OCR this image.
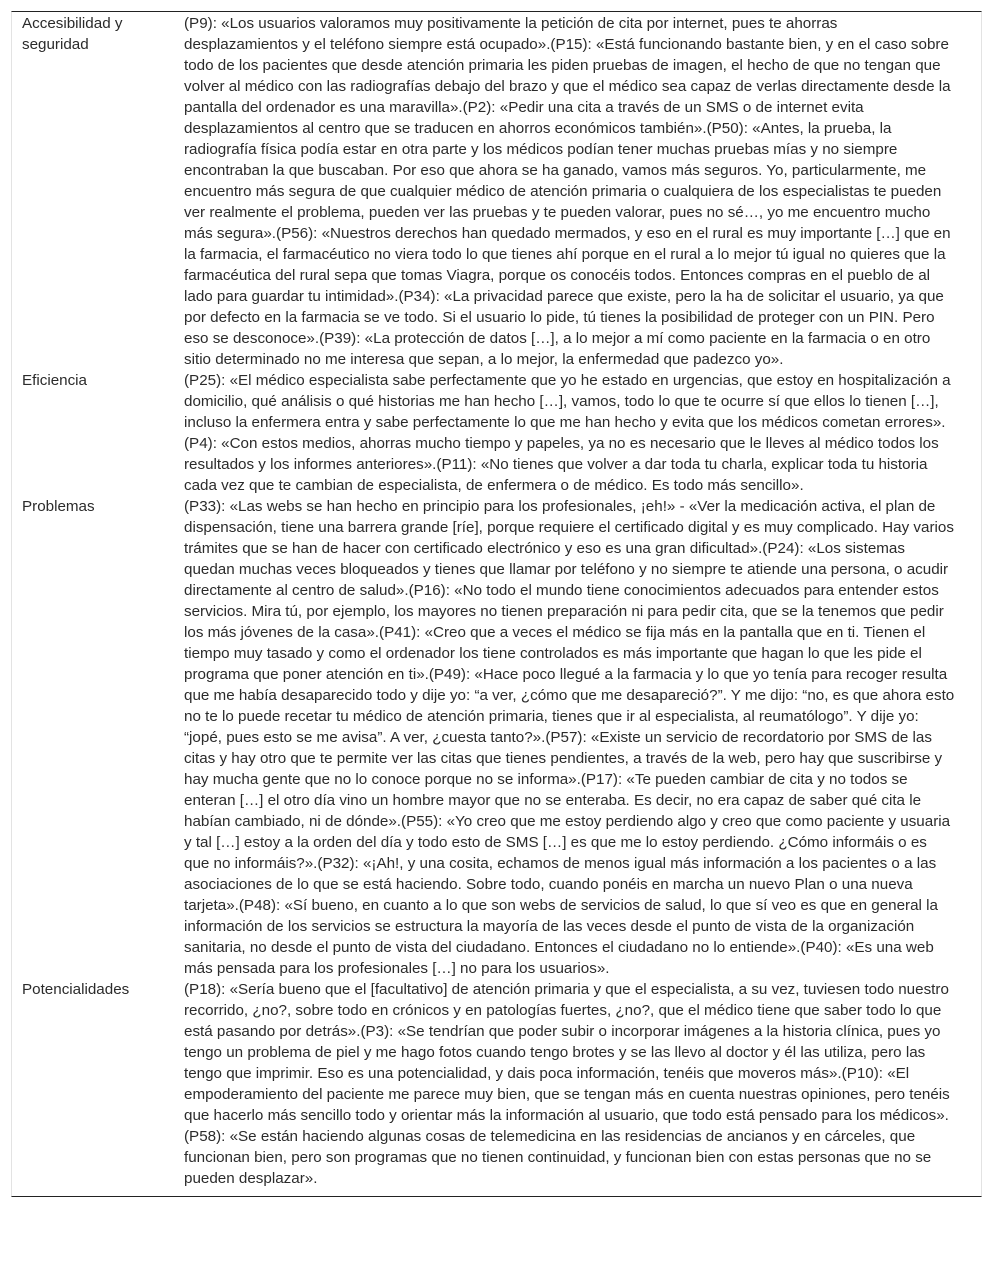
Accesibilidad y seguridad	(P9): «Los usuarios valoramos muy positivamente la petición de cita por internet, pues te ahorras desplazamientos y el teléfono siempre está ocupado».(P15): «Está funcionando bastante bien, y en el caso sobre todo de los pacientes que desde atención primaria les piden pruebas de imagen, el hecho de que no tengan que volver al médico con las radiografías debajo del brazo y que el médico sea capaz de verlas directamente desde la pantalla del ordenador es una maravilla».(P2): «Pedir una cita a través de un SMS o de internet evita desplazamientos al centro que se traducen en ahorros económicos también».(P50): «Antes, la prueba, la radiografía física podía estar en otra parte y los médicos podían tener muchas pruebas mías y no siempre encontraban la que buscaban. Por eso que ahora se ha ganado, vamos más seguros. Yo, particularmente, me encuentro más segura de que cualquier médico de atención primaria o cualquiera de los especialistas te pueden ver realmente el problema, pueden ver las pruebas y te pueden valorar, pues no sé…, yo me encuentro mucho más segura».(P56): «Nuestros derechos han quedado mermados, y eso en el rural es muy importante […] que en la farmacia, el farmacéutico no viera todo lo que tienes ahí porque en el rural a lo mejor tú igual no quieres que la farmacéutica del rural sepa que tomas Viagra, porque os conocéis todos. Entonces compras en el pueblo de al lado para guardar tu intimidad».(P34): «La privacidad parece que existe, pero la ha de solicitar el usuario, ya que por defecto en la farmacia se ve todo. Si el usuario lo pide, tú tienes la posibilidad de proteger con un PIN. Pero eso se desconoce».(P39): «La protección de datos […], a lo mejor a mí como paciente en la farmacia o en otro sitio determinado no me interesa que sepan, a lo mejor, la enfermedad que padezco yo».
Eficiencia	(P25): «El médico especialista sabe perfectamente que yo he estado en urgencias, que estoy en hospitalización a domicilio, qué análisis o qué historias me han hecho […], vamos, todo lo que te ocurre sí que ellos lo tienen […], incluso la enfermera entra y sabe perfectamente lo que me han hecho y evita que los médicos cometan errores».(P4): «Con estos medios, ahorras mucho tiempo y papeles, ya no es necesario que le lleves al médico todos los resultados y los informes anteriores».(P11): «No tienes que volver a dar toda tu charla, explicar toda tu historia cada vez que te cambian de especialista, de enfermera o de médico. Es todo más sencillo».
Problemas	(P33): «Las webs se han hecho en principio para los profesionales, ¡eh!» - «Ver la medicación activa, el plan de dispensación, tiene una barrera grande [ríe], porque requiere el certificado digital y es muy complicado. Hay varios trámites que se han de hacer con certificado electrónico y eso es una gran dificultad».(P24): «Los sistemas quedan muchas veces bloqueados y tienes que llamar por teléfono y no siempre te atiende una persona, o acudir directamente al centro de salud».(P16): «No todo el mundo tiene conocimientos adecuados para entender estos servicios. Mira tú, por ejemplo, los mayores no tienen preparación ni para pedir cita, que se la tenemos que pedir los más jóvenes de la casa».(P41): «Creo que a veces el médico se fija más en la pantalla que en ti. Tienen el tiempo muy tasado y como el ordenador los tiene controlados es más importante que hagan lo que les pide el programa que poner atención en ti».(P49): «Hace poco llegué a la farmacia y lo que yo tenía para recoger resulta que me había desaparecido todo y dije yo: “a ver, ¿cómo que me desapareció?”. Y me dijo: “no, es que ahora esto no te lo puede recetar tu médico de atención primaria, tienes que ir al especialista, al reumatólogo”. Y dije yo: “jopé, pues esto se me avisa”. A ver, ¿cuesta tanto?».(P57): «Existe un servicio de recordatorio por SMS de las citas y hay otro que te permite ver las citas que tienes pendientes, a través de la web, pero hay que suscribirse y hay mucha gente que no lo conoce porque no se informa».(P17): «Te pueden cambiar de cita y no todos se enteran […] el otro día vino un hombre mayor que no se enteraba. Es decir, no era capaz de saber qué cita le habían cambiado, ni de dónde».(P55): «Yo creo que me estoy perdiendo algo y creo que como paciente y usuaria y tal […] estoy a la orden del día y todo esto de SMS […] es que me lo estoy perdiendo. ¿Cómo informáis o es que no informáis?».(P32): «¡Ah!, y una cosita, echamos de menos igual más información a los pacientes o a las asociaciones de lo que se está haciendo. Sobre todo, cuando ponéis en marcha un nuevo Plan o una nueva tarjeta».(P48): «Sí bueno, en cuanto a lo que son webs de servicios de salud, lo que sí veo es que en general la información de los servicios se estructura la mayoría de las veces desde el punto de vista de la organización sanitaria, no desde el punto de vista del ciudadano. Entonces el ciudadano no lo entiende».(P40): «Es una web más pensada para los profesionales […] no para los usuarios».
Potencialidades	(P18): «Sería bueno que el [facultativo] de atención primaria y que el especialista, a su vez, tuviesen todo nuestro recorrido, ¿no?, sobre todo en crónicos y en patologías fuertes, ¿no?, que el médico tiene que saber todo lo que está pasando por detrás».(P3): «Se tendrían que poder subir o incorporar imágenes a la historia clínica, pues yo tengo un problema de piel y me hago fotos cuando tengo brotes y se las llevo al doctor y él las utiliza, pero las tengo que imprimir. Eso es una potencialidad, y dais poca información, tenéis que moveros más».(P10): «El empoderamiento del paciente me parece muy bien, que se tengan más en cuenta nuestras opiniones, pero tenéis que hacerlo más sencillo todo y orientar más la información al usuario, que todo está pensado para los médicos».(P58): «Se están haciendo algunas cosas de telemedicina en las residencias de ancianos y en cárceles, que funcionan bien, pero son programas que no tienen continuidad, y funcionan bien con estas personas que no se pueden desplazar».
